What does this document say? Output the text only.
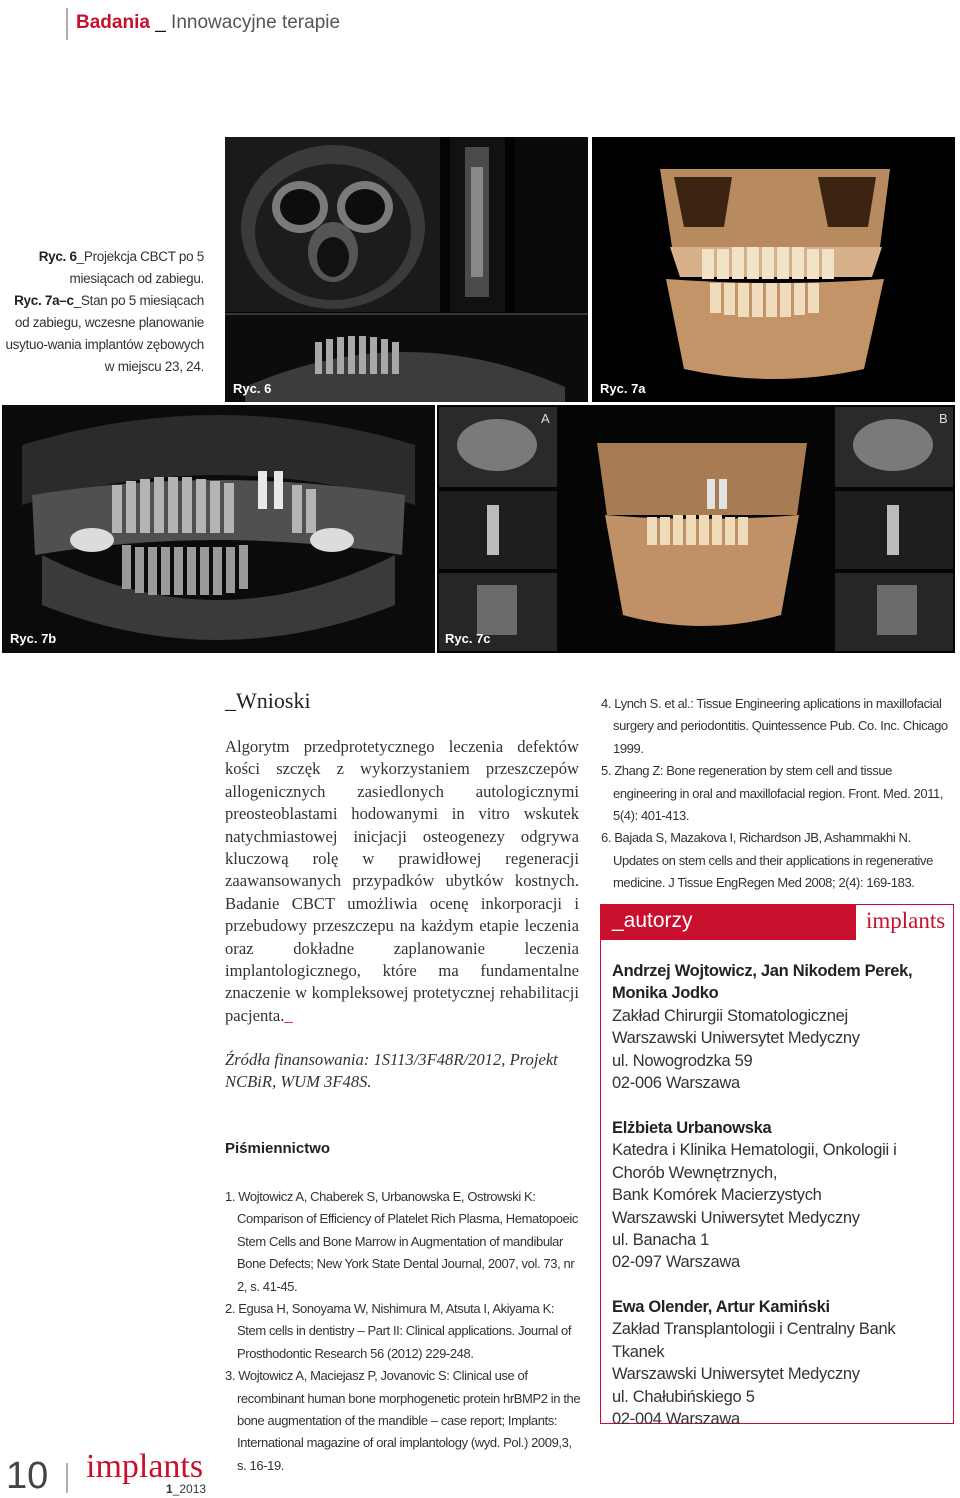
Badania _ Innowacyjne terapie
Ryc. 6_Projekcja CBCT po 5 miesiącach od zabiegu.
Ryc. 7a–c_Stan po 5 miesiącach od zabiegu, wczesne planowanie usytuo-wania implantów zębowych w miejscu 23, 24.
Ryc. 6	Ryc. 7a
Ryc. 7b
A	B
Ryc. 7c
_Wnioski
Algorytm przedprotetycznego leczenia defektów kości szczęk z wykorzystaniem przeszczepów allogenicznych zasiedlonych autologicznymi preosteoblastami hodowanymi in vitro wskutek natychmiastowej inicjacji osteogenezy odgrywa kluczową rolę w prawidłowej regeneracji zaawansowanych przypadków ubytków kostnych. Badanie CBCT umożliwia ocenę inkorporacji i przebudowy przeszczepu na każdym etapie leczenia oraz dokładne zaplanowanie leczenia implantologicznego, które ma fundamentalne znaczenie w kompleksowej protetycznej rehabilitacji pacjenta._
Źródła finansowania: 1S113/3F48R/2012, Projekt NCBiR, WUM 3F48S.
Piśmiennictwo
1. Wojtowicz A, Chaberek S, Urbanowska E, Ostrowski K: Comparison of Efficiency of Platelet Rich Plasma, Hematopoeic Stem Cells and Bone Marrow in Augmentation of mandibular Bone Defects; New York State Dental Journal, 2007, vol. 73, nr 2, s. 41-45.
2. Egusa H, Sonoyama W, Nishimura M, Atsuta I, Akiyama K: Stem cells in dentistry – Part II: Clinical applications. Journal of Prosthodontic Research 56 (2012) 229-248.
3. Wojtowicz A, Maciejasz P, Jovanovic S: Clinical use of recombinant human bone morphogenetic protein hrBMP2 in the bone augmentation of the mandible – case report; Implants: International magazine of oral implantology (wyd. Pol.) 2009,3, s. 16-19.
4. Lynch S. et al.: Tissue Engineering aplications in maxillofacial surgery and periodontitis. Quintessence Pub. Co. Inc. Chicago 1999.
5. Zhang Z: Bone regeneration by stem cell and tissue engineering in oral and maxillofacial region. Front. Med. 2011, 5(4): 401-413.
6. Bajada S, Mazakova I, Richardson JB, Ashammakhi N. Updates on stem cells and their applications in regenerative medicine. J Tissue EngRegen Med 2008; 2(4): 169-183.
_autorzy	implants
Andrzej Wojtowicz, Jan Nikodem Perek, Monika Jodko
Zakład Chirurgii Stomatologicznej
Warszawski Uniwersytet Medyczny
ul. Nowogrodzka 59
02-006 Warszawa
Elżbieta Urbanowska
Katedra i Klinika Hematologii, Onkologii i Chorób Wewnętrznych,
Bank Komórek Macierzystych
Warszawski Uniwersytet Medyczny
ul. Banacha 1
02-097 Warszawa
Ewa Olender, Artur Kamiński
Zakład Transplantologii i Centralny Bank Tkanek
Warszawski Uniwersytet Medyczny
ul. Chałubińskiego 5
02-004 Warszawa
10 implants
1_2013
